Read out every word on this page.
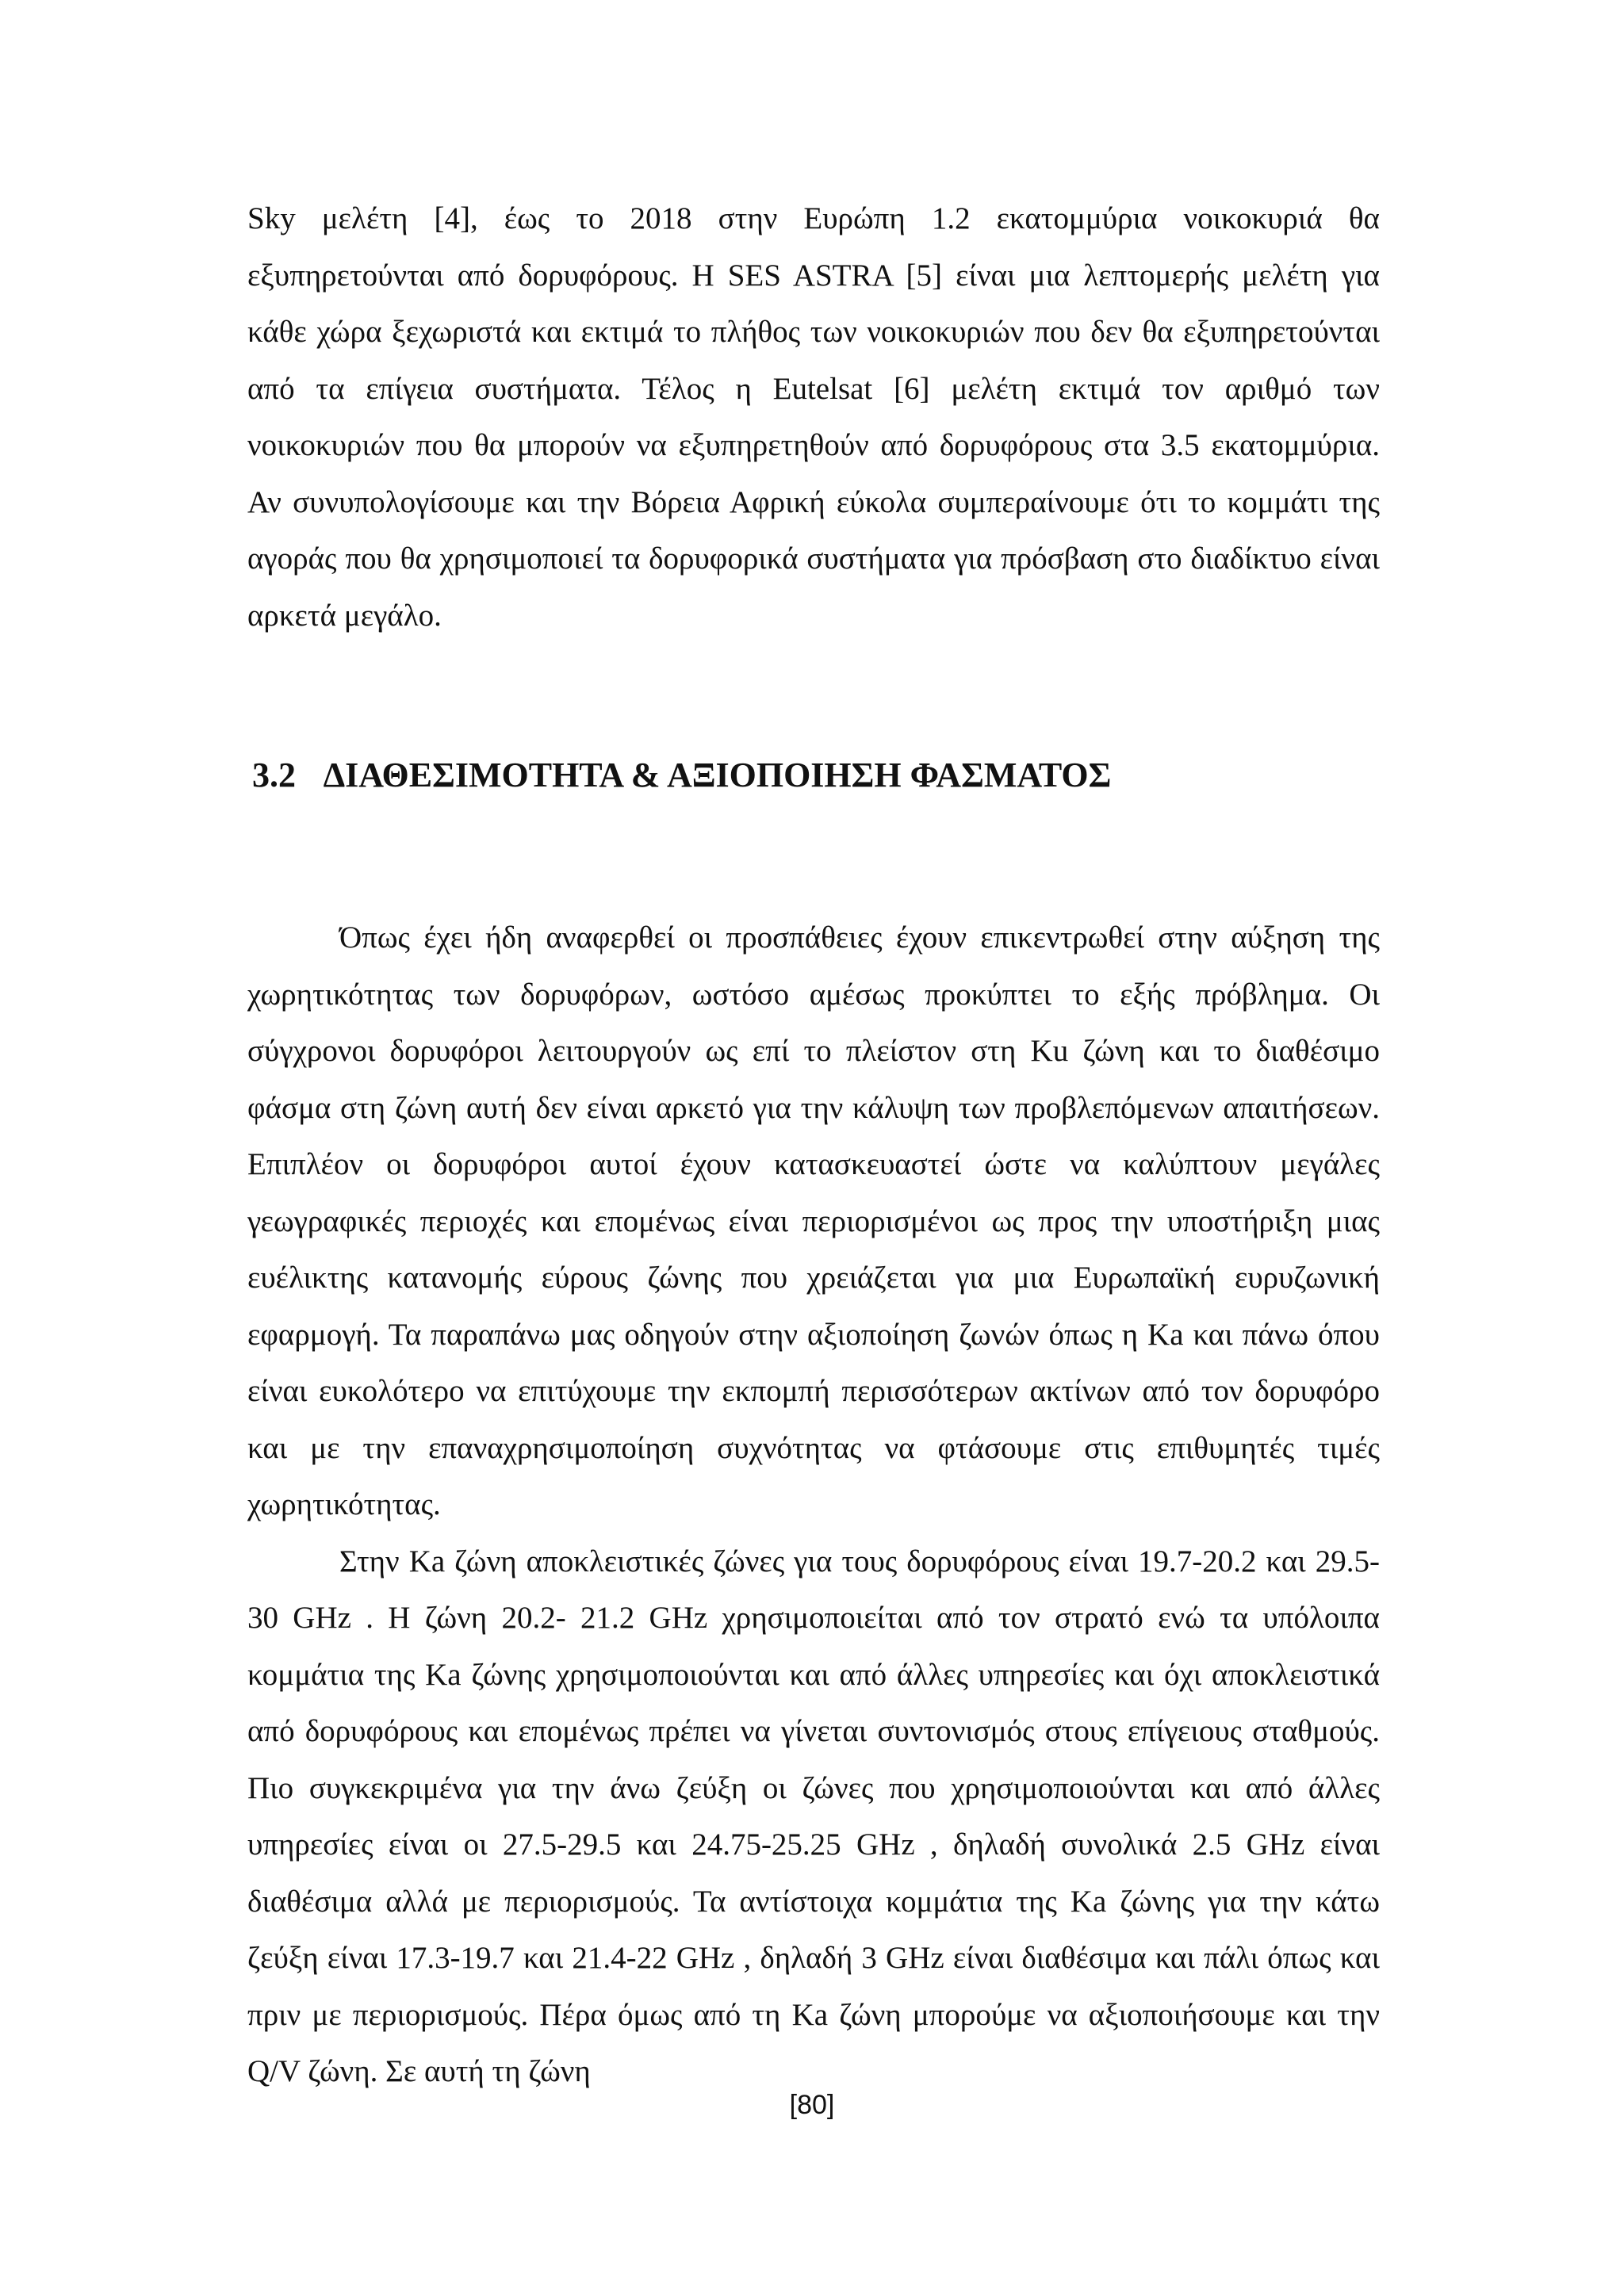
Sky μελέτη [4], έως το 2018 στην Ευρώπη 1.2 εκατομμύρια νοικοκυριά θα εξυπηρετούνται από δορυφόρους. Η SES ASTRA [5] είναι μια λεπτομερής μελέτη για κάθε χώρα ξεχωριστά και εκτιμά το πλήθος των νοικοκυριών που δεν θα εξυπηρετούνται από τα επίγεια συστήματα. Τέλος η Eutelsat [6] μελέτη εκτιμά τον αριθμό των νοικοκυριών που θα μπορούν να εξυπηρετηθούν από δορυφόρους στα 3.5 εκατομμύρια. Αν συνυπολογίσουμε και την Βόρεια Αφρική εύκολα συμπεραίνουμε ότι το κομμάτι της αγοράς που θα χρησιμοποιεί τα δορυφορικά συστήματα για πρόσβαση στο διαδίκτυο είναι αρκετά μεγάλο.

3.2 ΔΙΑΘΕΣΙΜΟΤΗΤΑ & ΑΞΙΟΠΟΙΗΣΗ ΦΑΣΜΑΤΟΣ

Όπως έχει ήδη αναφερθεί οι προσπάθειες έχουν επικεντρωθεί στην αύξηση της χωρητικότητας των δορυφόρων, ωστόσο αμέσως προκύπτει το εξής πρόβλημα. Οι σύγχρονοι δορυφόροι λειτουργούν ως επί το πλείστον στη Ku ζώνη και το διαθέσιμο φάσμα στη ζώνη αυτή δεν είναι αρκετό για την κάλυψη των προβλεπόμενων απαιτήσεων. Επιπλέον οι δορυφόροι αυτοί έχουν κατασκευαστεί ώστε να καλύπτουν μεγάλες γεωγραφικές περιοχές και επομένως είναι περιορισμένοι ως προς την υποστήριξη μιας ευέλικτης κατανομής εύρους ζώνης που χρειάζεται για μια Ευρωπαϊκή ευρυζωνική εφαρμογή. Τα παραπάνω μας οδηγούν στην αξιοποίηση ζωνών όπως η Ka και πάνω όπου είναι ευκολότερο να επιτύχουμε την εκπομπή περισσότερων ακτίνων από τον δορυφόρο και με την επαναχρησιμοποίηση συχνότητας να φτάσουμε στις επιθυμητές τιμές χωρητικότητας.

Στην Ka ζώνη αποκλειστικές ζώνες για τους δορυφόρους είναι 19.7-20.2 και 29.5-30 GHz . Η ζώνη 20.2- 21.2 GHz χρησιμοποιείται από τον στρατό ενώ τα υπόλοιπα κομμάτια της Ka ζώνης χρησιμοποιούνται και από άλλες υπηρεσίες και όχι αποκλειστικά από δορυφόρους και επομένως πρέπει να γίνεται συντονισμός στους επίγειους σταθμούς. Πιο συγκεκριμένα για την άνω ζεύξη οι ζώνες που χρησιμοποιούνται και από άλλες υπηρεσίες είναι οι 27.5-29.5 και 24.75-25.25 GHz , δηλαδή συνολικά 2.5 GHz είναι διαθέσιμα αλλά με περιορισμούς. Τα αντίστοιχα κομμάτια της Ka ζώνης για την κάτω ζεύξη είναι 17.3-19.7 και 21.4-22 GHz , δηλαδή 3 GHz είναι διαθέσιμα και πάλι όπως και πριν με περιορισμούς. Πέρα όμως από τη Ka ζώνη μπορούμε να αξιοποιήσουμε και την Q/V ζώνη. Σε αυτή τη ζώνη

[80]
